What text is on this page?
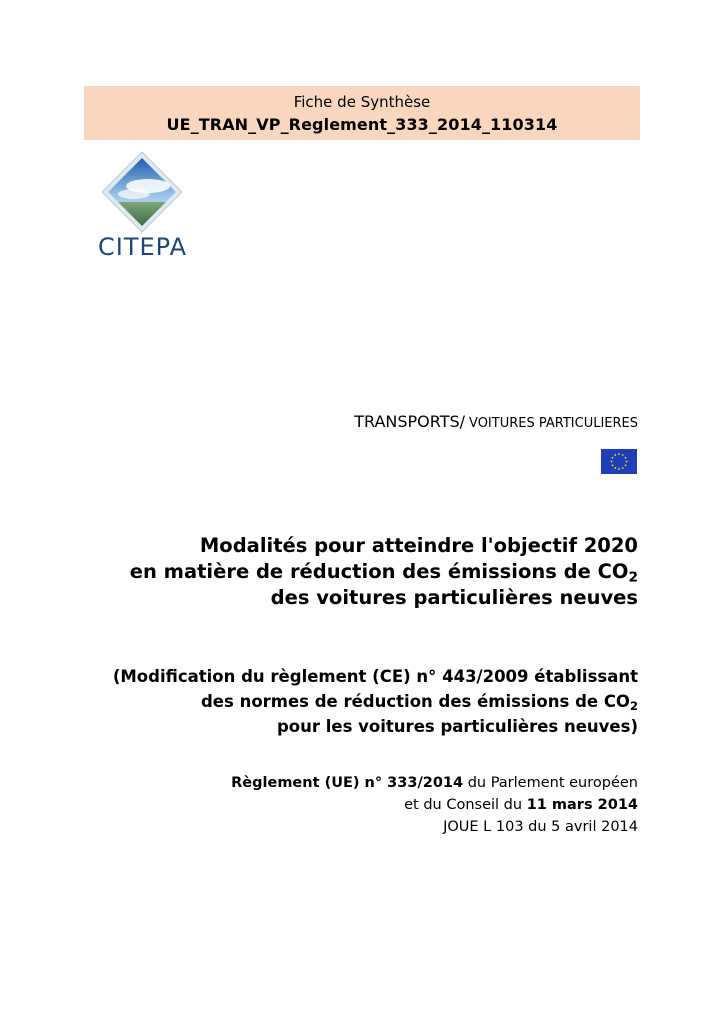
Fiche de Synthèse
UE_TRAN_VP_Reglement_333_2014_110314
CITEPA
TRANSPORTS/ VOITURES PARTICULIERES
Modalités pour atteindre l'objectif 2020
en matière de réduction des émissions de $CO_2$
des voitures particulières neuves
(Modification du règlement (CE) n° 443/2009 établissant
des normes de réduction des émissions de $CO_2$
pour les voitures particulières neuves)
Règlement (UE) n° 333/2014 du Parlement européen
et du Conseil du 11 mars 2014
JOUE L 103 du 5 avril 2014
